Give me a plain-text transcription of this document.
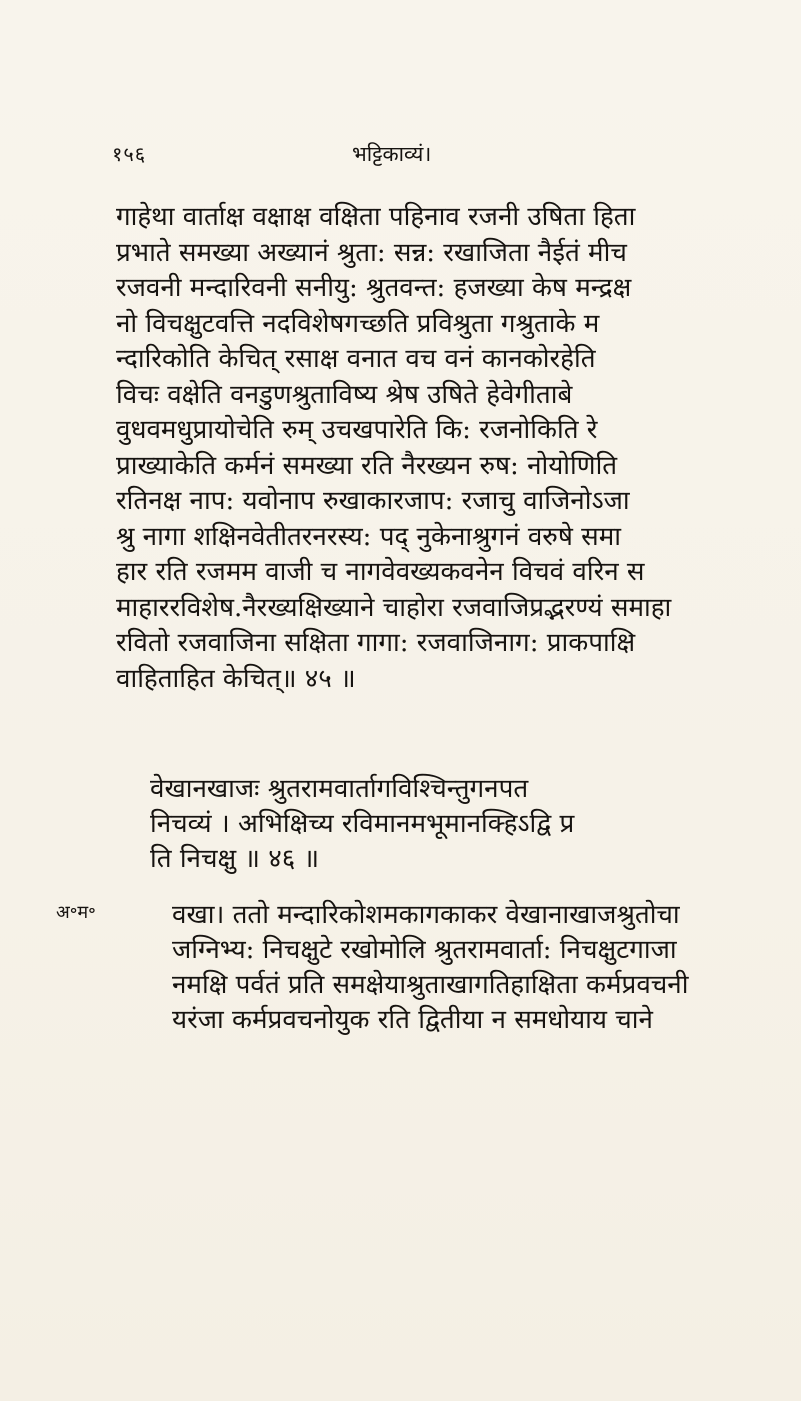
१५६	भट्टिकाव्यं।

गाहेथा वार्ताक्ष वक्षाक्ष वक्षिता पहिनाव रजनी उषिता हिता
प्रभाते समख्या अख्यानं श्रुता: सन्न: रखाजिता नैईतं मीच
रजवनी मन्दारिवनी सनीयु: श्रुतवन्त: हजख्या केष मन्द्रक्ष
नो विचक्षुटवत्ति नदविशेषगच्छति प्रविश्रुता गश्रुताके म
न्दारिकोति केचित् रसाक्ष वनात वच वनं कानकोरहेति
विचः वक्षेति वनडुणश्रुताविष्य श्रेष उषिते हेवेगीताबे
वुधवमधुप्रायोचेति रुम् उचखपारेति कि: रजनोकिति रे
प्राख्याकेति कर्मनं समख्या रति नैरख्यन रुष: नोयोणिति
रतिनक्ष नाप: यवोनाप रुखाकारजाप: रजाचु वाजिनोऽजा
श्रु नागा शक्षिनवेतीतरनरस्य: पद् नुकेनाश्रुगनं वरुषे समा
हार रति रजमम वाजी च नागवेवख्यकवनेन विचवं वरिन स
माहाररविशेष.नैरख्यक्षिख्याने चाहोरा रजवाजिप्रद्भरण्यं समाहा
रवितो रजवाजिना सक्षिता गागा: रजवाजिनाग: प्राकपाक्षि
वाहिताहित केचित्॥ ४५ ॥

वेखानखाजः श्रुतरामवार्तागविश्चिन्तुगनपत
निचव्यं । अभिक्षिच्य रविमानमभूमानक्हिऽद्वि प्र
ति निचक्षु ॥ ४६ ॥

अ॰म॰	वखा। ततो मन्दारिकोशमकागकाकर वेखानाखाजश्रुतोचा
जग्निभ्य: निचक्षुटे रखाेमोलि श्रुतरामवार्ता: निचक्षुटगाजा
नमक्षि पर्वतं प्रति समक्षेयाश्रुताखागतिहाक्षिता कर्मप्रवचनी
यरंजा कर्मप्रवचनोयुक रति द्वितीया न समधोयाय चाने
